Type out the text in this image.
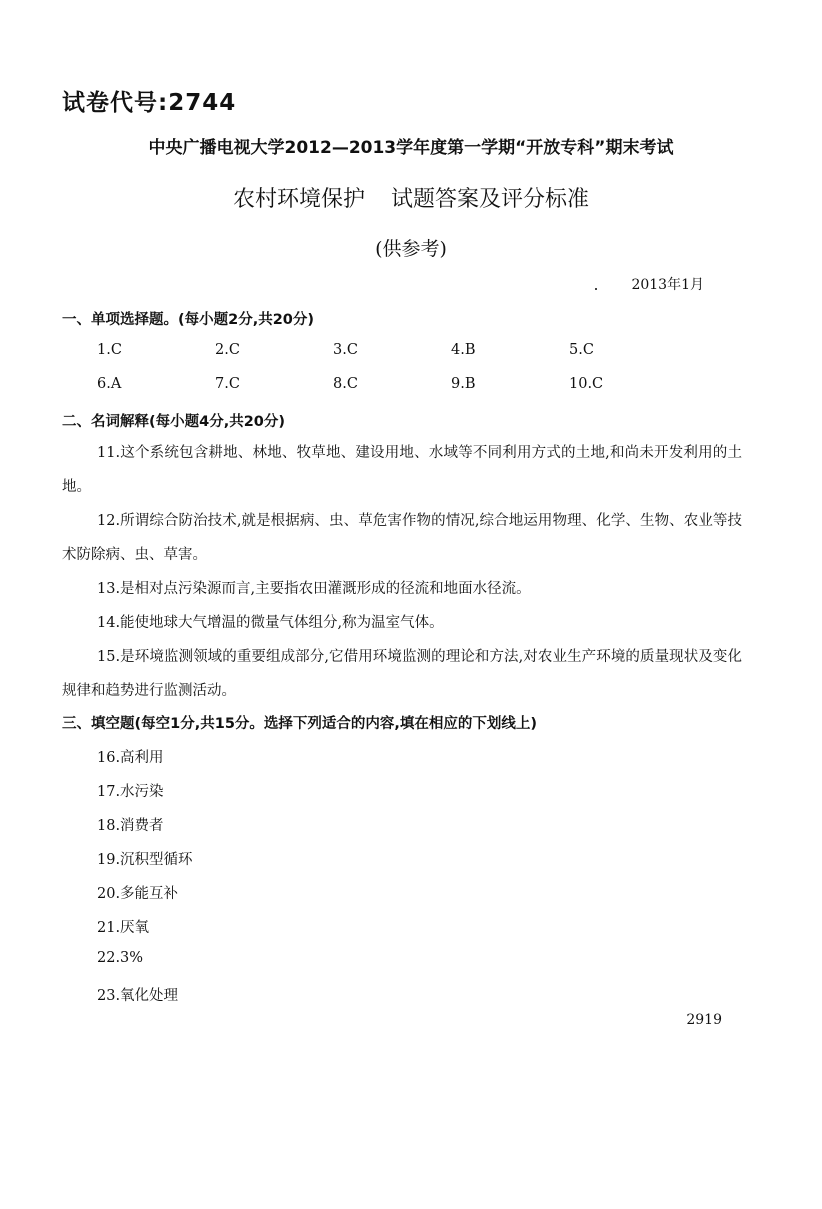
试卷代号:2744
中央广播电视大学2012—2013学年度第一学期“开放专科”期末考试
农村环境保护 试题答案及评分标准
(供参考)
2013年1月
一、单项选择题。(每小题2分,共20分)
1.C	2.C	3.C	4.B	5.C
6.A	7.C	8.C	9.B	10.C
二、名词解释(每小题4分,共20分)
11.这个系统包含耕地、林地、牧草地、建设用地、水域等不同利用方式的土地,和尚未开发利用的土地。
12.所谓综合防治技术,就是根据病、虫、草危害作物的情况,综合地运用物理、化学、生物、农业等技术防除病、虫、草害。
13.是相对点污染源而言,主要指农田灌溉形成的径流和地面水径流。
14.能使地球大气增温的微量气体组分,称为温室气体。
15.是环境监测领域的重要组成部分,它借用环境监测的理论和方法,对农业生产环境的质量现状及变化规律和趋势进行监测活动。
三、填空题(每空1分,共15分。选择下列适合的内容,填在相应的下划线上)
16.高利用
17.水污染
18.消费者
19.沉积型循环
20.多能互补
21.厌氧
22.3%
23.氧化处理
2919
